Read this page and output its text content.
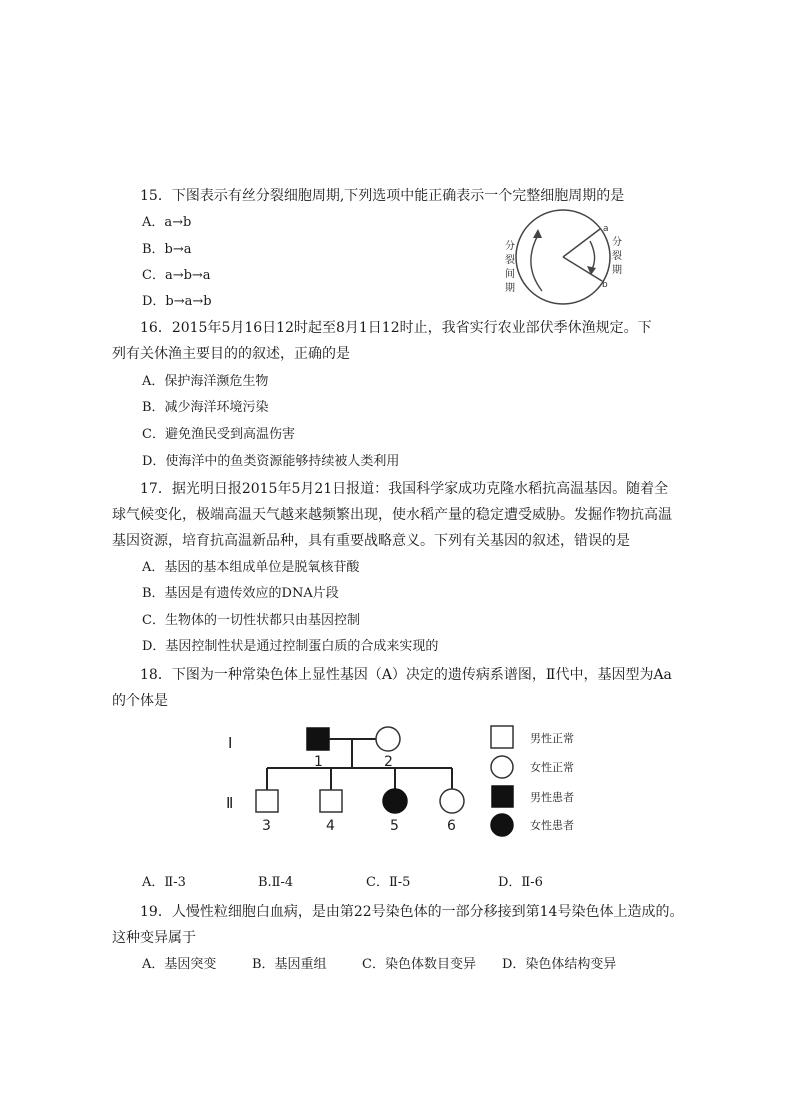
15．下图表示有丝分裂细胞周期,下列选项中能正确表示一个完整细胞周期的是
A．a→b
B．b→a
C．a→b→a
D．b→a→b
a
b
分裂间期
分裂期
16．2015年5月16日12时起至8月1日12时止，我省实行农业部伏季休渔规定。下
列有关休渔主要目的的叙述，正确的是
A．保护海洋濒危生物
B．减少海洋环境污染
C．避免渔民受到高温伤害
D．使海洋中的鱼类资源能够持续被人类利用
17．据光明日报2015年5月21日报道：我国科学家成功克隆水稻抗高温基因。随着全
球气候变化，极端高温天气越来越频繁出现，使水稻产量的稳定遭受威胁。发掘作物抗高温
基因资源，培育抗高温新品种，具有重要战略意义。下列有关基因的叙述，错误的是
A．基因的基本组成单位是脱氧核苷酸
B．基因是有遗传效应的DNA片段
C．生物体的一切性状都只由基因控制
D．基因控制性状是通过控制蛋白质的合成来实现的
18．下图为一种常染色体上显性基因（A）决定的遗传病系谱图，Ⅱ代中，基因型为Aa
的个体是
Ⅰ
Ⅱ
1	2
3	4	5	6
男性正常
女性正常
男性患者
女性患者
A．Ⅱ-3	B.Ⅱ-4	C．Ⅱ-5	D．Ⅱ-6
19．人慢性粒细胞白血病，是由第22号染色体的一部分移接到第14号染色体上造成的。
这种变异属于
A．基因突变	B．基因重组	C．染色体数目变异 D．染色体结构变异
